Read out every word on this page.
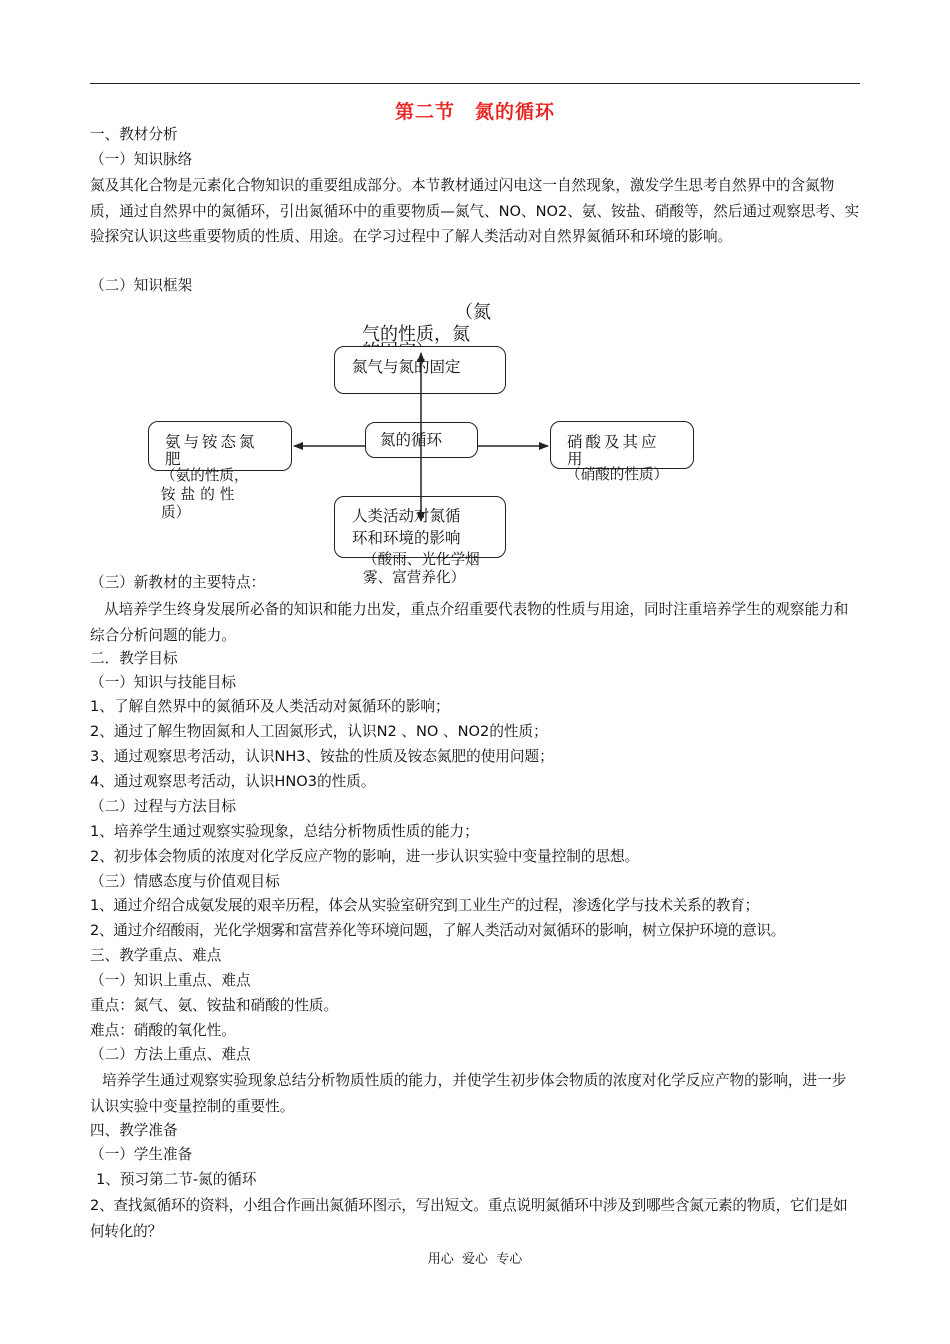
第二节　氮的循环
一、教材分析
（一）知识脉络
氮及其化合物是元素化合物知识的重要组成部分。本节教材通过闪电这一自然现象，激发学生思考自然界中的含氮物质，通过自然界中的氮循环，引出氮循环中的重要物质—氮气、NO、NO2、氨、铵盐、硝酸等，然后通过观察思考、实验探究认识这些重要物质的性质、用途。在学习过程中了解人类活动对自然界氮循环和环境的影响。
（二）知识框架
（氮
气的性质，氮
氮气与氮的固定
氮的循环
氨与铵态氮
肥
（氨的性质，
铵盐的性
质）
硝酸及其应
用
（硝酸的性质）
人类活动对氮循
环和环境的影响
（酸雨、光化学烟
雾、富营养化）
（三）新教材的主要特点：
从培养学生终身发展所必备的知识和能力出发，重点介绍重要代表物的性质与用途，同时注重培养学生的观察能力和综合分析问题的能力。
二．教学目标
（一）知识与技能目标
1、了解自然界中的氮循环及人类活动对氮循环的影响；
2、通过了解生物固氮和人工固氮形式，认识N2 、NO 、NO2的性质；
3、通过观察思考活动，认识NH3、铵盐的性质及铵态氮肥的使用问题；
4、通过观察思考活动，认识HNO3的性质。
（二）过程与方法目标
1、培养学生通过观察实验现象，总结分析物质性质的能力；
2、初步体会物质的浓度对化学反应产物的影响，进一步认识实验中变量控制的思想。
（三）情感态度与价值观目标
1、通过介绍合成氨发展的艰辛历程，体会从实验室研究到工业生产的过程，渗透化学与技术关系的教育；
2、通过介绍酸雨，光化学烟雾和富营养化等环境问题，了解人类活动对氮循环的影响，树立保护环境的意识。
三、教学重点、难点
（一）知识上重点、难点
重点：氮气、氨、铵盐和硝酸的性质。
难点：硝酸的氧化性。
（二）方法上重点、难点
培养学生通过观察实验现象总结分析物质性质的能力，并使学生初步体会物质的浓度对化学反应产物的影响，进一步认识实验中变量控制的重要性。
四、教学准备
（一）学生准备
1、预习第二节-氮的循环
2、查找氮循环的资料，小组合作画出氮循环图示，写出短文。重点说明氮循环中涉及到哪些含氮元素的物质，它们是如何转化的？
用心  爱心  专心
